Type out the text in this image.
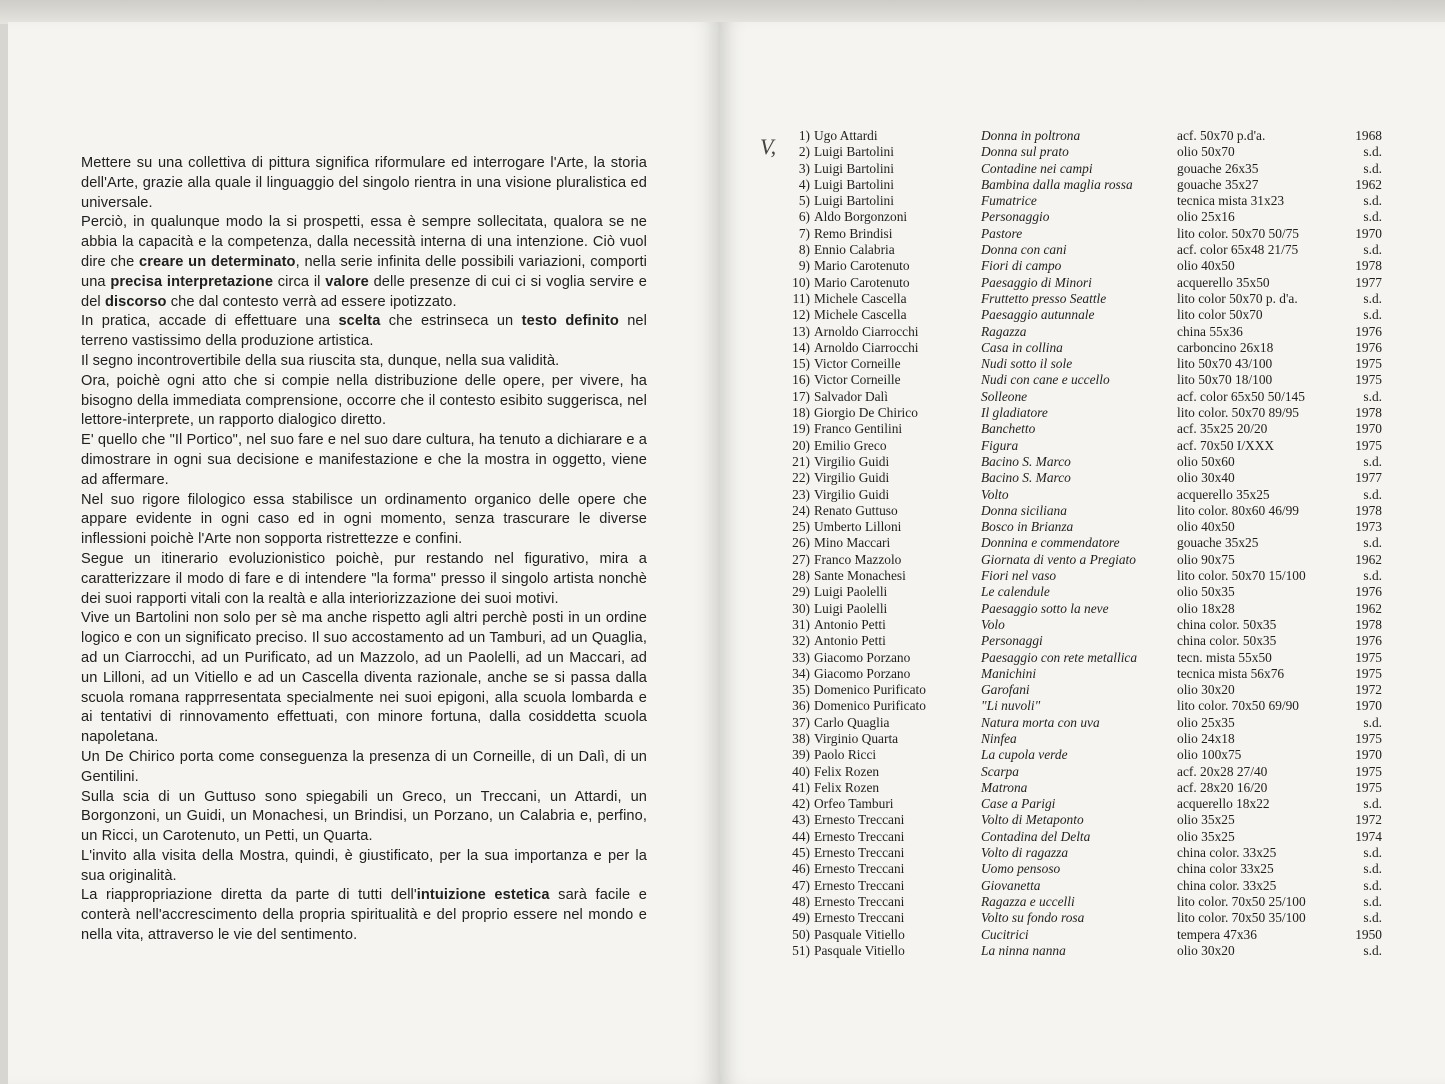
Mettere su una collettiva di pittura significa riformulare ed interrogare l'Arte, la storia dell'Arte, grazie alla quale il linguaggio del singolo rientra in una visione pluralistica ed universale.

Perciò, in qualunque modo la si prospetti, essa è sempre sollecitata, qualora se ne abbia la capacità e la competenza, dalla necessità interna di una intenzione. Ciò vuol dire che creare un determinato, nella serie infinita delle possibili variazioni, comporti una precisa interpretazione circa il valore delle presenze di cui ci si voglia servire e del discorso che dal contesto verrà ad essere ipotizzato.

In pratica, accade di effettuare una scelta che estrinseca un testo definito nel terreno vastissimo della produzione artistica.

Il segno incontrovertibile della sua riuscita sta, dunque, nella sua validità.

Ora, poichè ogni atto che si compie nella distribuzione delle opere, per vivere, ha bisogno della immediata comprensione, occorre che il contesto esibito suggerisca, nel lettore-interprete, un rapporto dialogico diretto.

E' quello che "Il Portico", nel suo fare e nel suo dare cultura, ha tenuto a dichiarare e a dimostrare in ogni sua decisione e manifestazione e che la mostra in oggetto, viene ad affermare.

Nel suo rigore filologico essa stabilisce un ordinamento organico delle opere che appare evidente in ogni caso ed in ogni momento, senza trascurare le diverse inflessioni poichè l'Arte non sopporta ristrettezze e confini.

Segue un itinerario evoluzionistico poichè, pur restando nel figurativo, mira a caratterizzare il modo di fare e di intendere "la forma" presso il singolo artista nonchè dei suoi rapporti vitali con la realtà e alla interiorizzazione dei suoi motivi.

Vive un Bartolini non solo per sè ma anche rispetto agli altri perchè posti in un ordine logico e con un significato preciso. Il suo accostamento ad un Tamburi, ad un Quaglia, ad un Ciarrocchi, ad un Purificato, ad un Mazzolo, ad un Paolelli, ad un Maccari, ad un Lilloni, ad un Vitiello e ad un Cascella diventa razionale, anche se si passa dalla scuola romana rapprresentata specialmente nei suoi epigoni, alla scuola lombarda e ai tentativi di rinnovamento effettuati, con minore fortuna, dalla cosiddetta scuola napoletana.

Un De Chirico porta come conseguenza la presenza di un Corneille, di un Dalì, di un Gentilini.

Sulla scia di un Guttuso sono spiegabili un Greco, un Treccani, un Attardi, un Borgonzoni, un Guidi, un Monachesi, un Brindisi, un Porzano, un Calabria e, perfino, un Ricci, un Carotenuto, un Petti, un Quarta.

L'invito alla visita della Mostra, quindi, è giustificato, per la sua importanza e per la sua originalità.

La riappropriazione diretta da parte di tutti dell'intuizione estetica sarà facile e conterà nell'accrescimento della propria spiritualità e del proprio essere nel mondo e nella vita, attraverso le vie del sentimento.

V,	1) Ugo Attardi	Donna in poltrona	acf. 50x70 p.d'a.	1968
2) Luigi Bartolini	Donna sul prato	olio 50x70	s.d.
3) Luigi Bartolini	Contadine nei campi	gouache 26x35	s.d.
4) Luigi Bartolini	Bambina dalla maglia rossa	gouache 35x27	1962
5) Luigi Bartolini	Fumatrice	tecnica mista 31x23	s.d.
6) Aldo Borgonzoni	Personaggio	olio 25x16	s.d.
7) Remo Brindisi	Pastore	lito color. 50x70 50/75	1970
8) Ennio Calabria	Donna con cani	acf. color 65x48 21/75	s.d.
9) Mario Carotenuto	Fiori di campo	olio 40x50	1978
10) Mario Carotenuto	Paesaggio di Minori	acquerello 35x50	1977
11) Michele Cascella	Fruttetto presso Seattle	lito color 50x70 p. d'a.	s.d.
12) Michele Cascella	Paesaggio autunnale	lito color 50x70	s.d.
13) Arnoldo Ciarrocchi	Ragazza	china 55x36	1976
14) Arnoldo Ciarrocchi	Casa in collina	carboncino 26x18	1976
15) Victor Corneille	Nudi sotto il sole	lito 50x70 43/100	1975
16) Victor Corneille	Nudi con cane e uccello	lito 50x70 18/100	1975
17) Salvador Dalì	Solleone	acf. color 65x50 50/145	s.d.
18) Giorgio De Chirico	Il gladiatore	lito color. 50x70 89/95	1978
19) Franco Gentilini	Banchetto	acf. 35x25 20/20	1970
20) Emilio Greco	Figura	acf. 70x50 I/XXX	1975
21) Virgilio Guidi	Bacino S. Marco	olio 50x60	s.d.
22) Virgilio Guidi	Bacino S. Marco	olio 30x40	1977
23) Virgilio Guidi	Volto	acquerello 35x25	s.d.
24) Renato Guttuso	Donna siciliana	lito color. 80x60 46/99	1978
25) Umberto Lilloni	Bosco in Brianza	olio 40x50	1973
26) Mino Maccari	Donnina e commendatore	gouache 35x25	s.d.
27) Franco Mazzolo	Giornata di vento a Pregiato	olio 90x75	1962
28) Sante Monachesi	Fiori nel vaso	lito color. 50x70 15/100	s.d.
29) Luigi Paolelli	Le calendule	olio 50x35	1976
30) Luigi Paolelli	Paesaggio sotto la neve	olio 18x28	1962
31) Antonio Petti	Volo	china color. 50x35	1978
32) Antonio Petti	Personaggi	china color. 50x35	1976
33) Giacomo Porzano	Paesaggio con rete metallica	tecn. mista 55x50	1975
34) Giacomo Porzano	Manichini	tecnica mista 56x76	1975
35) Domenico Purificato	Garofani	olio 30x20	1972
36) Domenico Purificato	"Li nuvoli"	lito color. 70x50 69/90	1970
37) Carlo Quaglia	Natura morta con uva	olio 25x35	s.d.
38) Virginio Quarta	Ninfea	olio 24x18	1975
39) Paolo Ricci	La cupola verde	olio 100x75	1970
40) Felix Rozen	Scarpa	acf. 20x28 27/40	1975
41) Felix Rozen	Matrona	acf. 28x20 16/20	1975
42) Orfeo Tamburi	Case a Parigi	acquerello 18x22	s.d.
43) Ernesto Treccani	Volto di Metaponto	olio 35x25	1972
44) Ernesto Treccani	Contadina del Delta	olio 35x25	1974
45) Ernesto Treccani	Volto di ragazza	china color. 33x25	s.d.
46) Ernesto Treccani	Uomo pensoso	china color 33x25	s.d.
47) Ernesto Treccani	Giovanetta	china color. 33x25	s.d.
48) Ernesto Treccani	Ragazza e uccelli	lito color. 70x50 25/100	s.d.
49) Ernesto Treccani	Volto su fondo rosa	lito color. 70x50 35/100	s.d.
50) Pasquale Vitiello	Cucitrici	tempera 47x36	1950
51) Pasquale Vitiello	La ninna nanna	olio 30x20	s.d.
